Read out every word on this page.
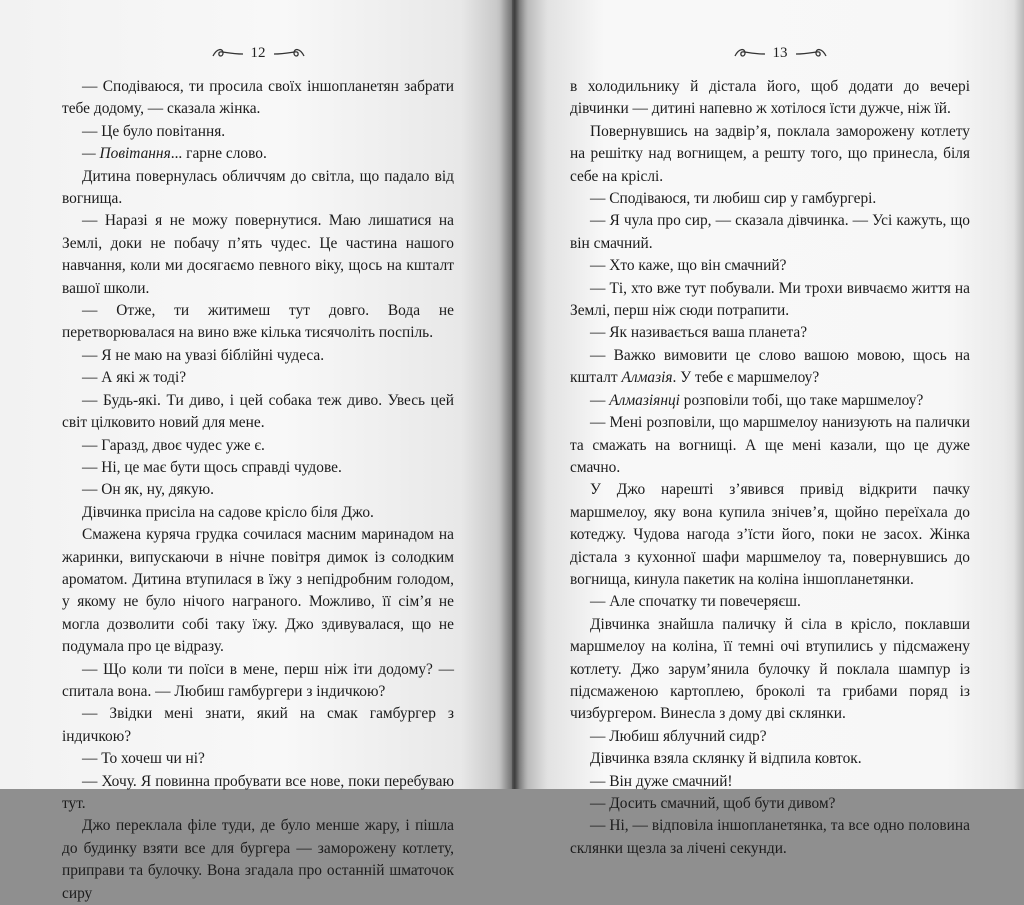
12

— Сподіваюся, ти просила своїх іншопланетян забрати тебе додому, — сказала жінка.

— Це було повітання.

— Повітання... гарне слово.

Дитина повернулась обличчям до світла, що падало від вогнища.

— Наразі я не можу повернутися. Маю лишатися на Землі, доки не побачу п’ять чудес. Це частина нашого навчання, коли ми досягаємо певного віку, щось на кшталт вашої школи.

— Отже, ти житимеш тут довго. Вода не перетворювалася на вино вже кілька тисячоліть поспіль.

— Я не маю на увазі біблійні чудеса.

— А які ж тоді?

— Будь-які. Ти диво, і цей собака теж диво. Увесь цей світ цілковито новий для мене.

— Гаразд, двоє чудес уже є.

— Ні, це має бути щось справді чудове.

— Он як, ну, дякую.

Дівчинка присіла на садове крісло біля Джо.

Смажена куряча грудка сочилася масним маринадом на жаринки, випускаючи в нічне повітря димок із солодким ароматом. Дитина втупилася в їжу з непідробним голодом, у якому не було нічого награного. Можливо, її сім’я не могла дозволити собі таку їжу. Джо здивувалася, що не подумала про це відразу.

— Що коли ти поїси в мене, перш ніж іти додому? — спитала вона. — Любиш гамбургери з індичкою?

— Звідки мені знати, який на смак гамбургер з індичкою?

— То хочеш чи ні?

— Хочу. Я повинна пробувати все нове, поки перебуваю тут.

Джо переклала філе туди, де було менше жару, і пішла до будинку взяти все для бургера — заморожену котлету, приправи та булочку. Вона згадала про останній шматочок сиру

13

в холодильнику й дістала його, щоб додати до вечері дівчинки — дитині напевно ж хотілося їсти дужче, ніж їй.

Повернувшись на задвір’я, поклала заморожену котлету на решітку над вогнищем, а решту того, що принесла, біля себе на кріслі.

— Сподіваюся, ти любиш сир у гамбургері.

— Я чула про сир, — сказала дівчинка. — Усі кажуть, що він смачний.

— Хто каже, що він смачний?

— Ті, хто вже тут побували. Ми трохи вивчаємо життя на Землі, перш ніж сюди потрапити.

— Як називається ваша планета?

— Важко вимовити це слово вашою мовою, щось на кшталт Алмазія. У тебе є маршмелоу?

— Алмазіянці розповіли тобі, що таке маршмелоу?

— Мені розповіли, що маршмелоу нанизують на палички та смажать на вогнищі. А ще мені казали, що це дуже смачно.

У Джо нарешті з’явився привід відкрити пачку маршмелоу, яку вона купила знічев’я, щойно переїхала до котеджу. Чудова нагода з’їсти його, поки не засох. Жінка дістала з кухонної шафи маршмелоу та, повернувшись до вогнища, кинула пакетик на коліна іншопланетянки.

— Але спочатку ти повечеряєш.

Дівчинка знайшла паличку й сіла в крісло, поклавши маршмелоу на коліна, її темні очі втупились у підсмажену котлету. Джо зарум’янила булочку й поклала шампур із підсмаженою картоплею, броколі та грибами поряд із чизбургером. Винесла з дому дві склянки.

— Любиш яблучний сидр?

Дівчинка взяла склянку й відпила ковток.

— Він дуже смачний!

— Досить смачний, щоб бути дивом?

— Ні, — відповіла іншопланетянка, та все одно половина склянки щезла за лічені секунди.
